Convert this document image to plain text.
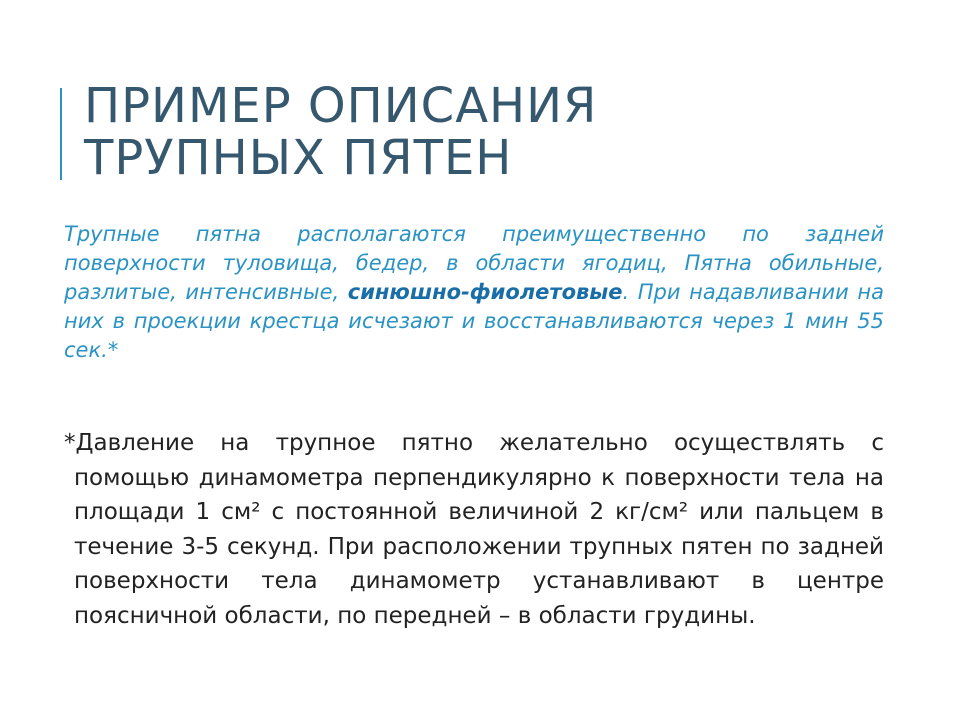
ПРИМЕР ОПИСАНИЯ
ТРУПНЫХ ПЯТЕН

Трупные пятна располагаются преимущественно по задней поверхности туловища, бедер, в области ягодиц, Пятна обильные, разлитые, интенсивные, синюшно-фиолетовые. При надавливании на них в проекции крестца исчезают и восстанавливаются через 1 мин 55 сек.*

*Давление на трупное пятно желательно осуществлять с помощью динамометра перпендикулярно к поверхности тела на площади 1 см² с постоянной величиной 2 кг/см² или пальцем в течение 3-5 секунд. При расположении трупных пятен по задней поверхности тела динамометр устанавливают в центре поясничной области, по передней – в области грудины.
